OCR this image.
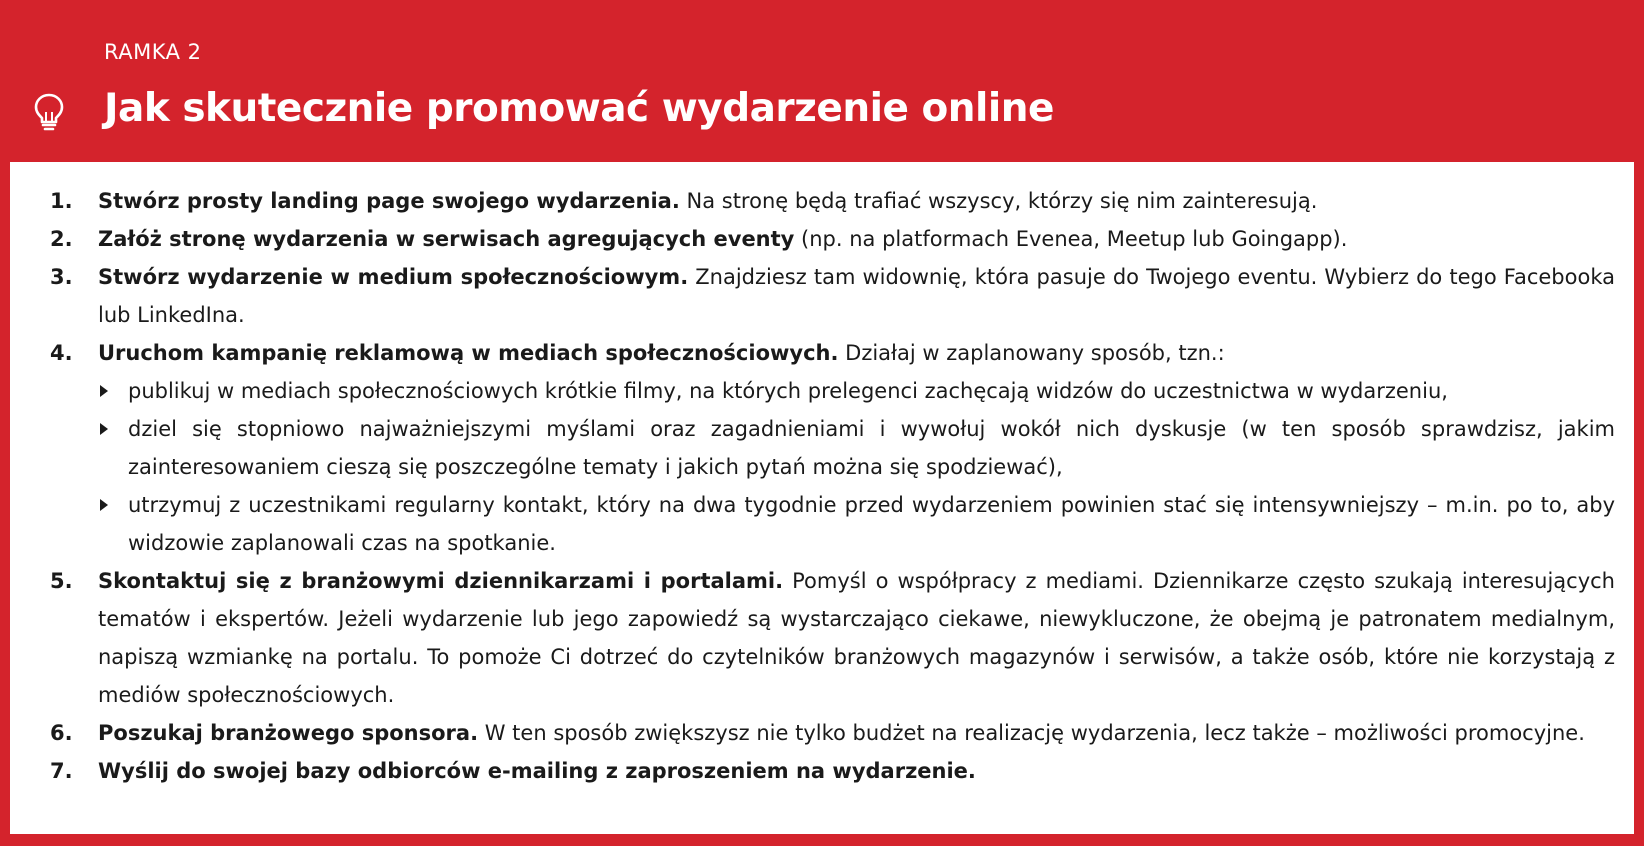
RAMKA 2
Jak skutecznie promować wydarzenie online
1. Stwórz prosty landing page swojego wydarzenia. Na stronę będą trafiać wszyscy, którzy się nim zainteresują.
2. Załóż stronę wydarzenia w serwisach agregujących eventy (np. na platformach Evenea, Meetup lub Goingapp).
3. Stwórz wydarzenie w medium społecznościowym. Znajdziesz tam widownię, która pasuje do Twojego eventu. Wybierz do tego Facebooka lub LinkedIna.
4. Uruchom kampanię reklamową w mediach społecznościowych. Działaj w zaplanowany sposób, tzn.:
publikuj w mediach społecznościowych krótkie filmy, na których prelegenci zachęcają widzów do uczestnictwa w wydarzeniu,
dziel się stopniowo najważniejszymi myślami oraz zagadnieniami i wywołuj wokół nich dyskusje (w ten sposób sprawdzisz, jakim zainteresowaniem cieszą się poszczególne tematy i jakich pytań można się spodziewać),
utrzymuj z uczestnikami regularny kontakt, który na dwa tygodnie przed wydarzeniem powinien stać się intensywniejszy – m.in. po to, aby widzowie zaplanowali czas na spotkanie.
5. Skontaktuj się z branżowymi dziennikarzami i portalami. Pomyśl o współpracy z mediami. Dziennikarze często szukają interesujących tematów i ekspertów. Jeżeli wydarzenie lub jego zapowiedź są wystarczająco ciekawe, niewykluczone, że obejmą je patronatem medialnym, napiszą wzmiankę na portalu. To pomoże Ci dotrzeć do czytelników branżowych magazynów i serwisów, a także osób, które nie korzystają z mediów społecznościowych.
6. Poszukaj branżowego sponsora. W ten sposób zwiększysz nie tylko budżet na realizację wydarzenia, lecz także – możliwości promocyjne.
7. Wyślij do swojej bazy odbiorców e-mailing z zaproszeniem na wydarzenie.
